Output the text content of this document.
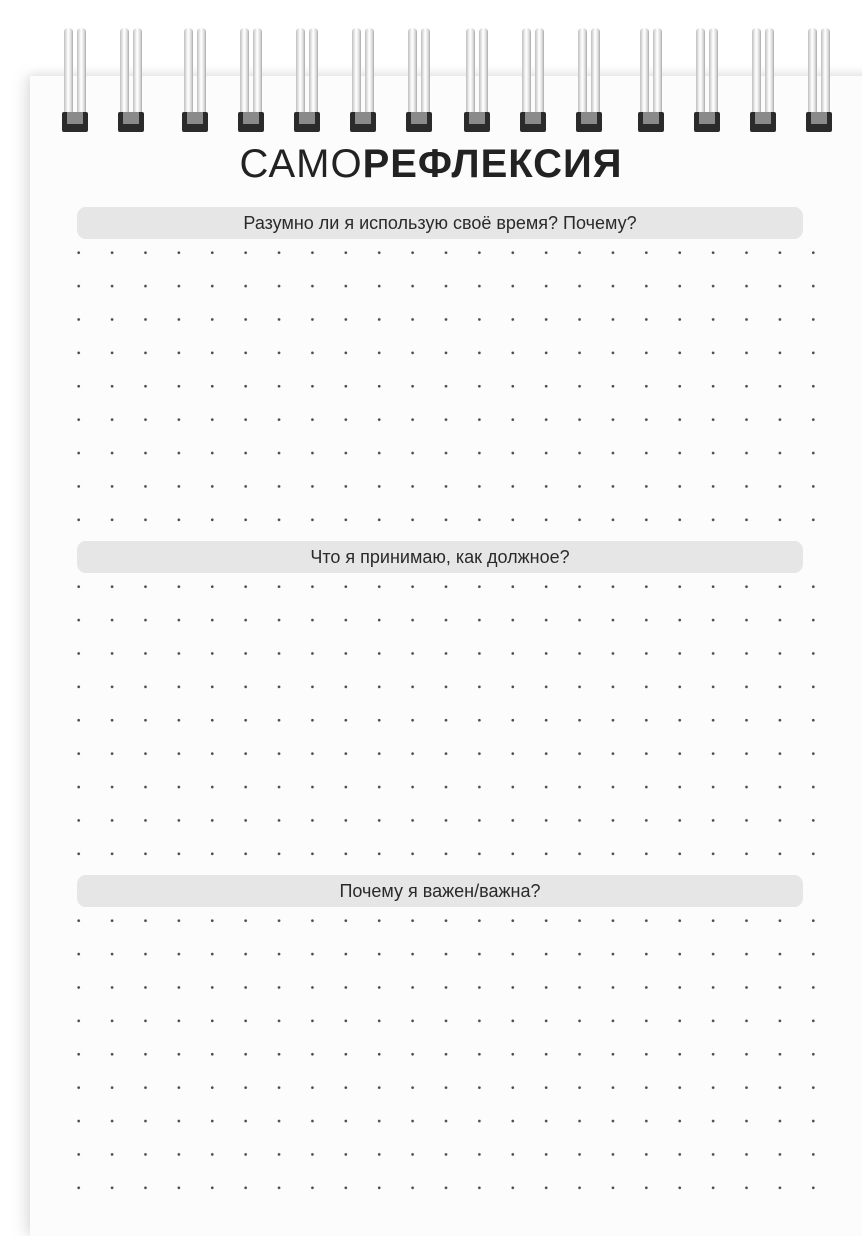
САМОРЕФЛЕКСИЯ
Разумно ли я использую своё время? Почему?
Что я принимаю, как должное?
Почему я важен/важна?
